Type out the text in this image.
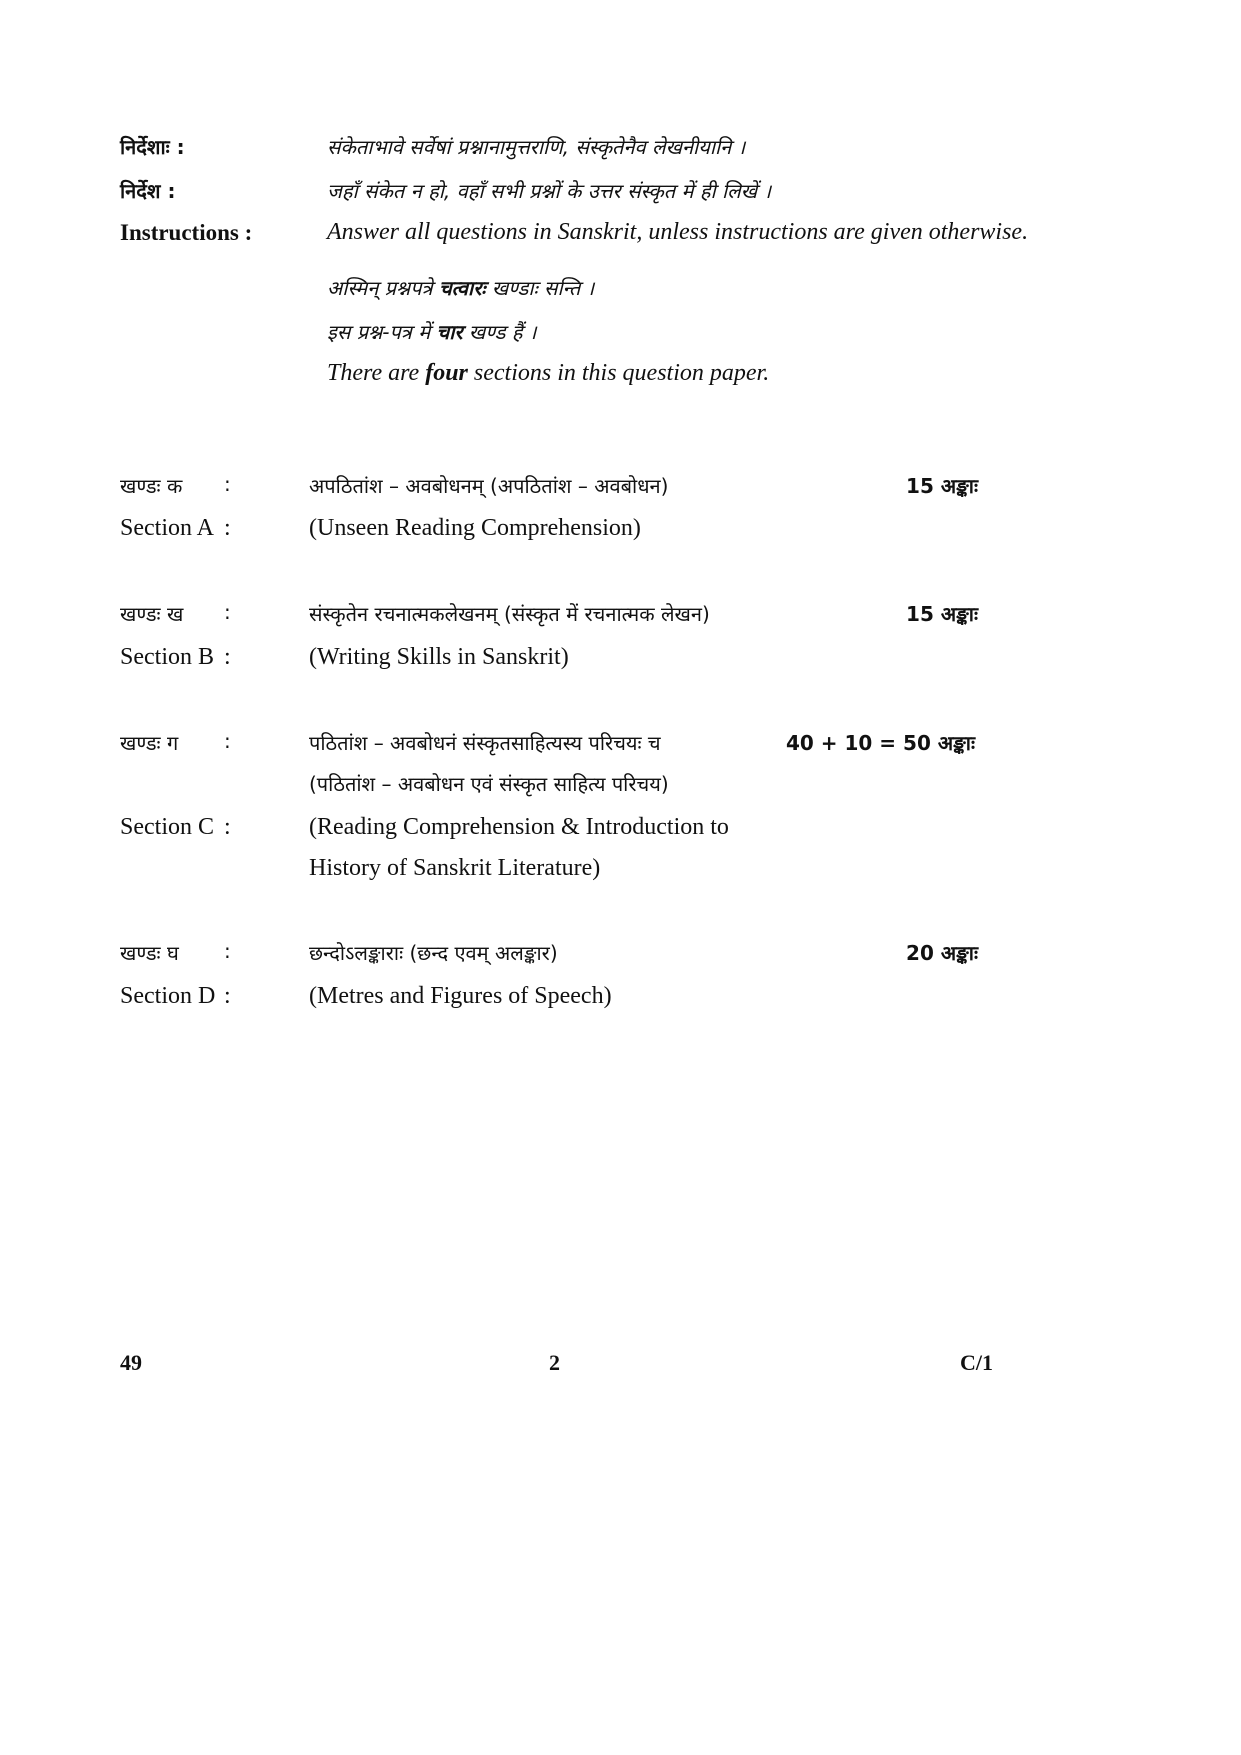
निर्देशाः :	संकेताभावे सर्वेषां प्रश्नानामुत्तराणि, संस्कृतेनैव लेखनीयानि ।
निर्देश :	जहाँ संकेत न हो, वहाँ सभी प्रश्नों के उत्तर संस्कृत में ही लिखें ।
Instructions :	Answer all questions in Sanskrit, unless instructions are given otherwise.
अस्मिन् प्रश्नपत्रे चत्वारः खण्डाः सन्ति ।
इस प्रश्न-पत्र में चार खण्ड हैं ।
There are four sections in this question paper.
खण्डः क :	अपठितांश – अवबोधनम् (अपठितांश – अवबोधन)	15 अङ्काः
Section A :	(Unseen Reading Comprehension)
खण्डः ख :	संस्कृतेन रचनात्मकलेखनम् (संस्कृत में रचनात्मक लेखन)	15 अङ्काः
Section B :	(Writing Skills in Sanskrit)
खण्डः ग :	पठितांश – अवबोधनं संस्कृतसाहित्यस्य परिचयः च	40 + 10 = 50 अङ्काः
(पठितांश – अवबोधन एवं संस्कृत साहित्य परिचय)
Section C :	(Reading Comprehension & Introduction to
History of Sanskrit Literature)
खण्डः घ :	छन्दोऽलङ्काराः (छन्द एवम् अलङ्कार)	20 अङ्काः
Section D :	(Metres and Figures of Speech)
49	2	C/1
